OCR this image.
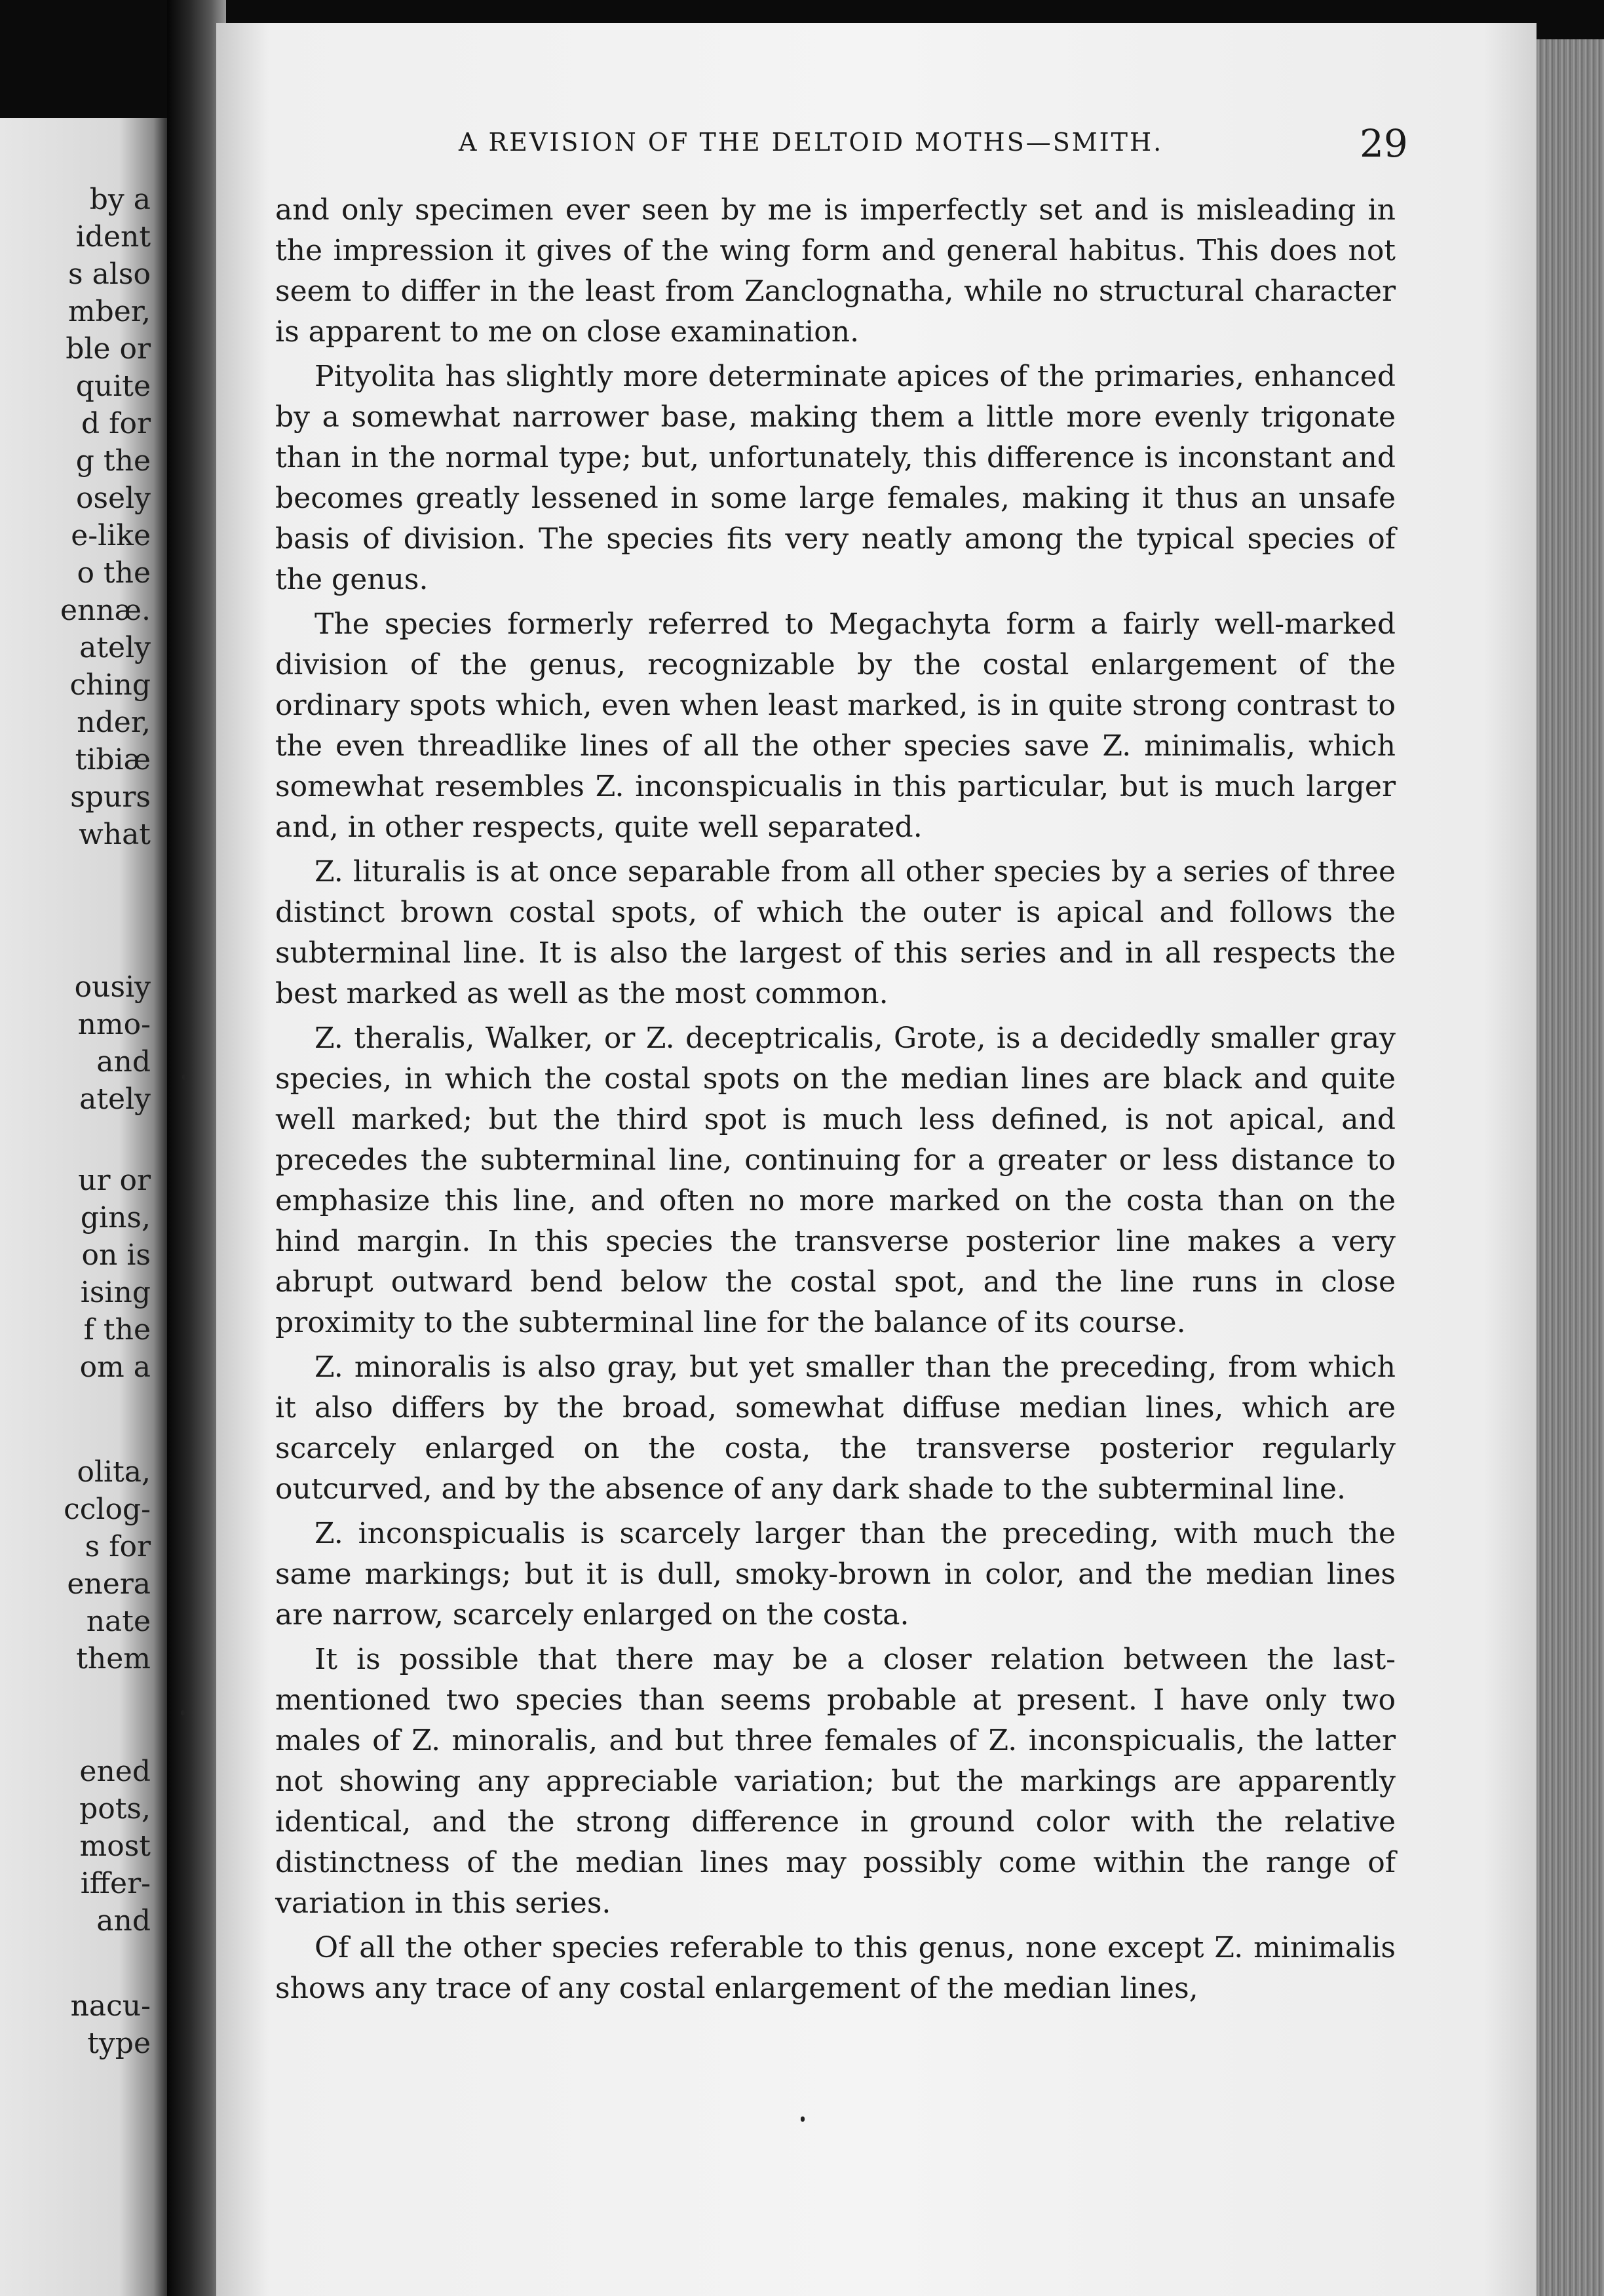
by a
ident
s also
mber,
ble or
quite
d for
g the
osely
e-like
o the
ennæ.
ately
ching
nder,
tibiæ
spurs
what
ousiy
nmo-
and
ately
ur or
gins,
on is
ising
f the
om a
olita,
cclog-
s for
enera
nate
them
ened
pots,
most
iffer-
and
nacu-
type
A REVISION OF THE DELTOID MOTHS—SMITH.	29

and only specimen ever seen by me is imperfectly set and is misleading in the impression it gives of the wing form and general habitus. This does not seem to differ in the least from Zanclognatha, while no structural character is apparent to me on close examination.

Pityolita has slightly more determinate apices of the primaries, enhanced by a somewhat narrower base, making them a little more evenly trigonate than in the normal type; but, unfortunately, this difference is inconstant and becomes greatly lessened in some large females, making it thus an unsafe basis of division. The species fits very neatly among the typical species of the genus.

The species formerly referred to Megachyta form a fairly well-marked division of the genus, recognizable by the costal enlargement of the ordinary spots which, even when least marked, is in quite strong contrast to the even threadlike lines of all the other species save Z. minimalis, which somewhat resembles Z. inconspicualis in this particular, but is much larger and, in other respects, quite well separated.

Z. lituralis is at once separable from all other species by a series of three distinct brown costal spots, of which the outer is apical and follows the subterminal line. It is also the largest of this series and in all respects the best marked as well as the most common.

Z. theralis, Walker, or Z. deceptricalis, Grote, is a decidedly smaller gray species, in which the costal spots on the median lines are black and quite well marked; but the third spot is much less defined, is not apical, and precedes the subterminal line, continuing for a greater or less distance to emphasize this line, and often no more marked on the costa than on the hind margin. In this species the transverse posterior line makes a very abrupt outward bend below the costal spot, and the line runs in close proximity to the subterminal line for the balance of its course.

Z. minoralis is also gray, but yet smaller than the preceding, from which it also differs by the broad, somewhat diffuse median lines, which are scarcely enlarged on the costa, the transverse posterior regularly outcurved, and by the absence of any dark shade to the subterminal line.

Z. inconspicualis is scarcely larger than the preceding, with much the same markings; but it is dull, smoky-brown in color, and the median lines are narrow, scarcely enlarged on the costa.

It is possible that there may be a closer relation between the last-mentioned two species than seems probable at present. I have only two males of Z. minoralis, and but three females of Z. inconspicualis, the latter not showing any appreciable variation; but the markings are apparently identical, and the strong difference in ground color with the relative distinctness of the median lines may possibly come within the range of variation in this series.

Of all the other species referable to this genus, none except Z. minimalis shows any trace of any costal enlargement of the median lines,
